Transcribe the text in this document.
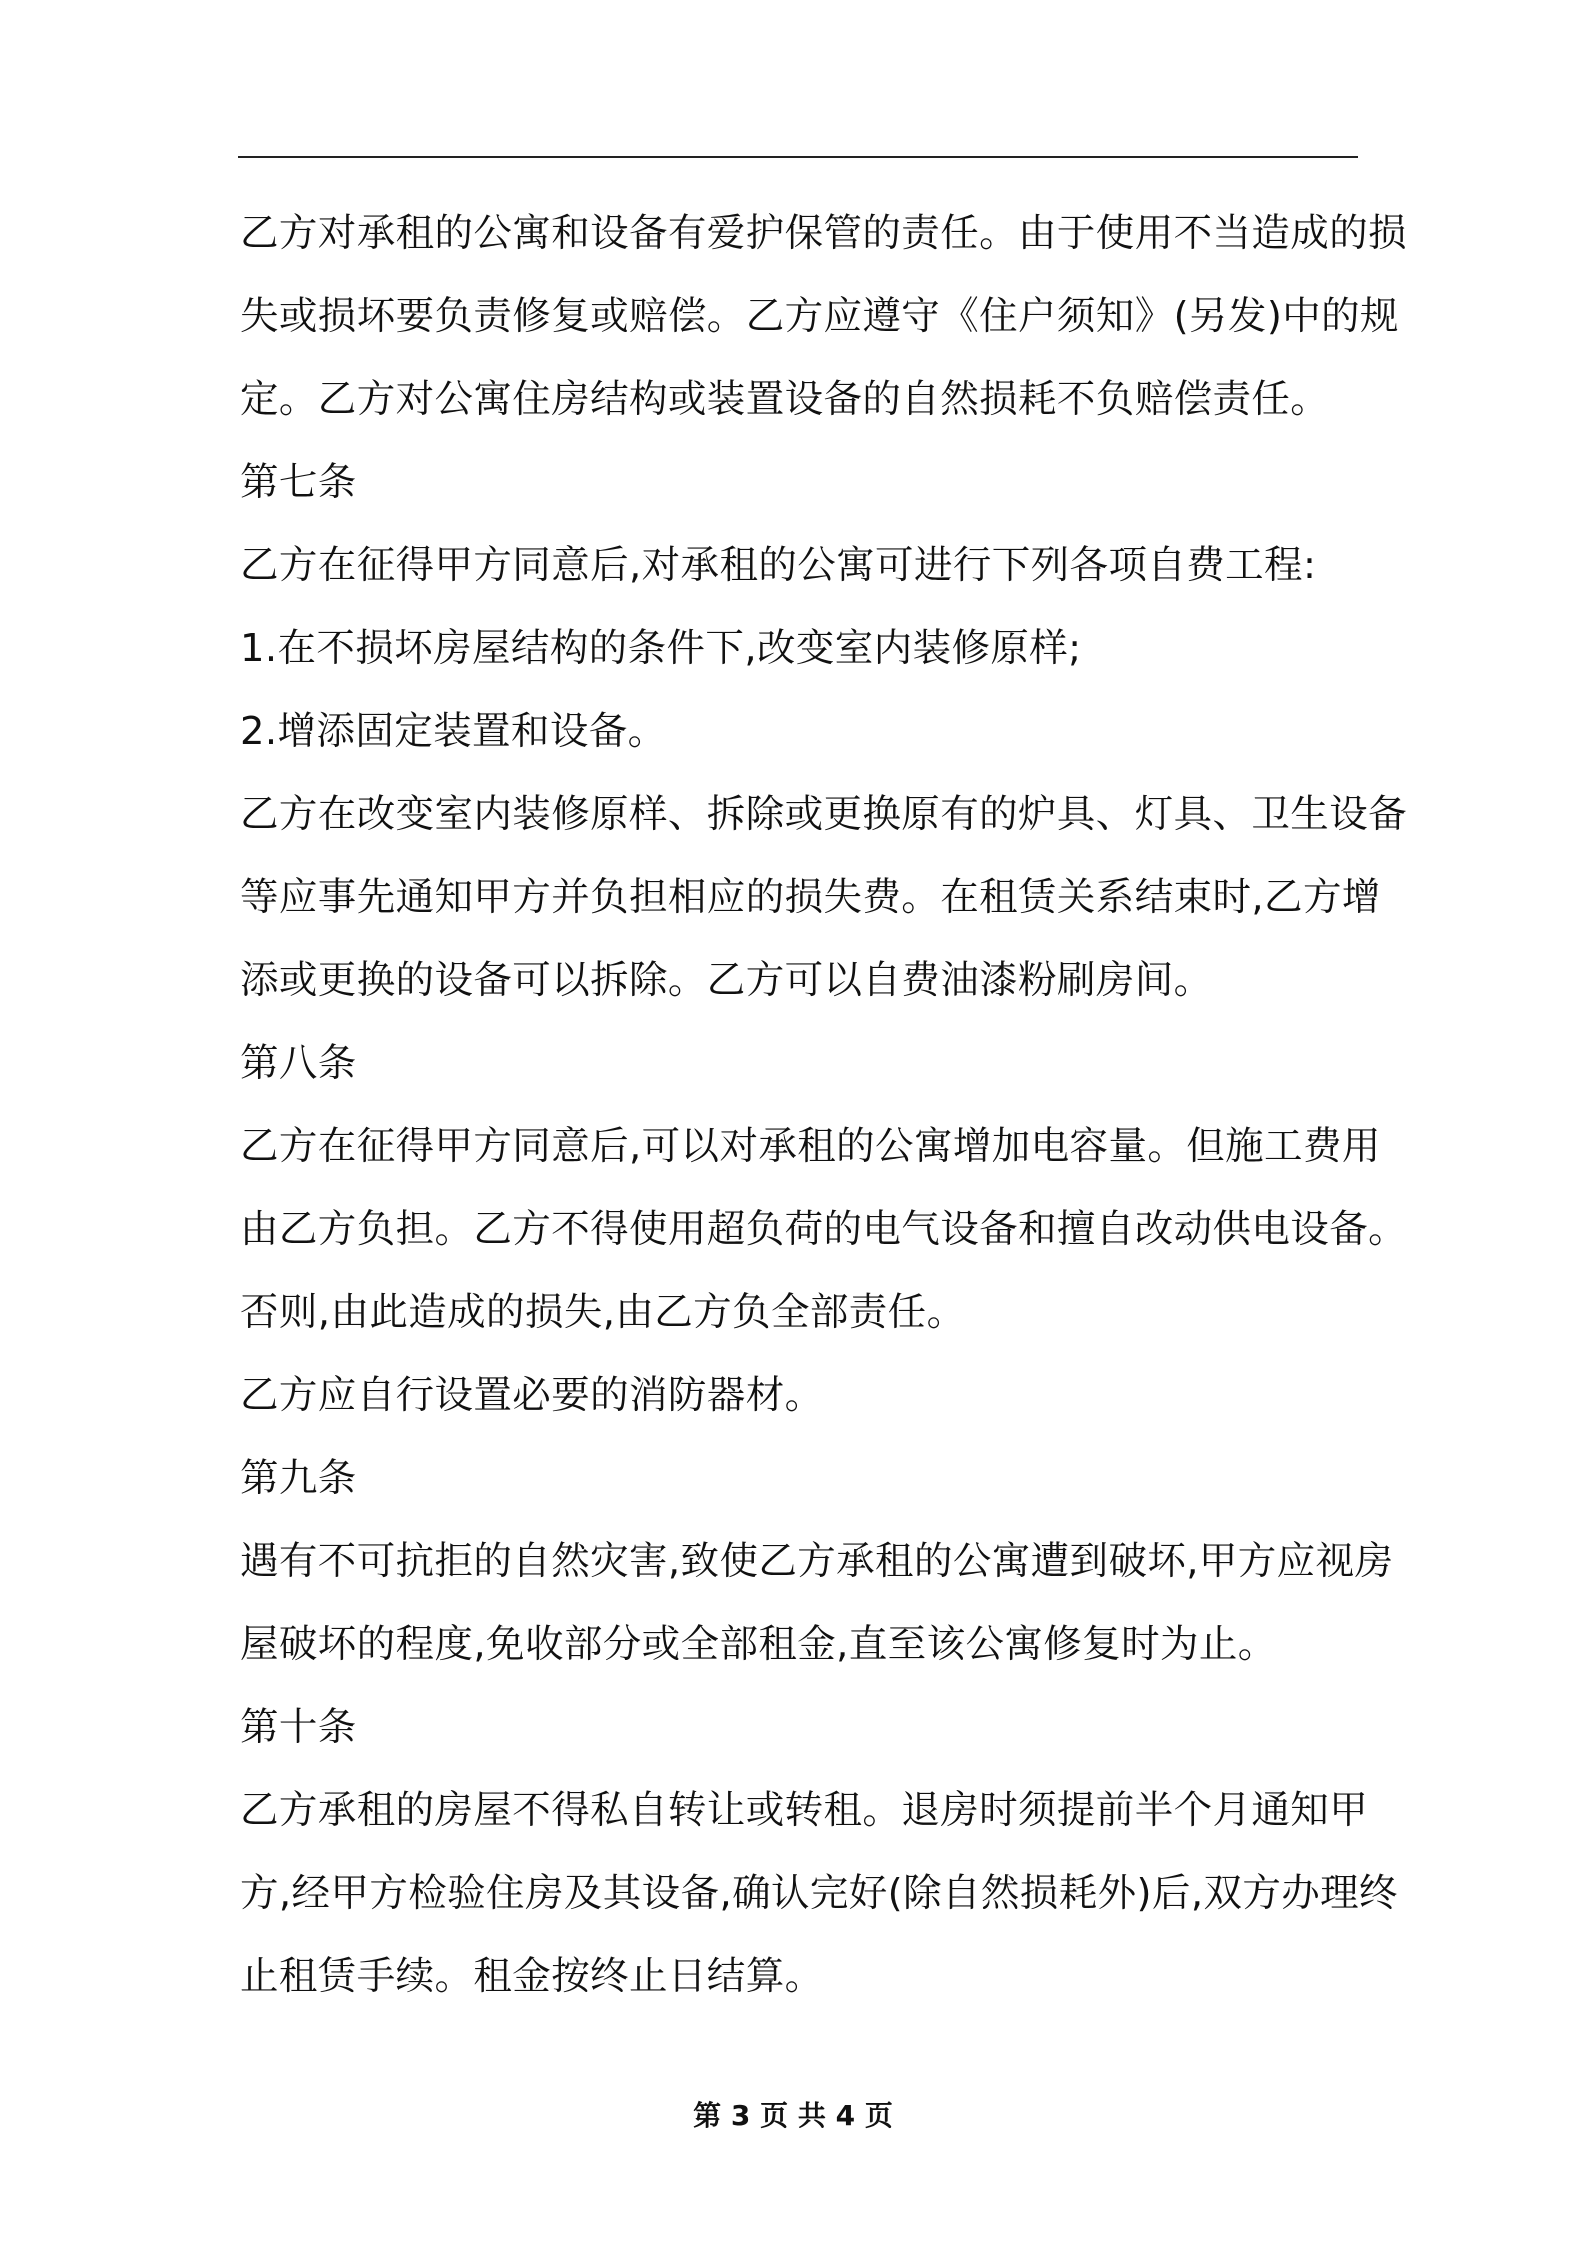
乙方对承租的公寓和设备有爱护保管的责任。由于使用不当造成的损
失或损坏要负责修复或赔偿。乙方应遵守《住户须知》(另发)中的规
定。乙方对公寓住房结构或装置设备的自然损耗不负赔偿责任。
第七条
乙方在征得甲方同意后,对承租的公寓可进行下列各项自费工程:
1.在不损坏房屋结构的条件下,改变室内装修原样;
2.增添固定装置和设备。
乙方在改变室内装修原样、拆除或更换原有的炉具、灯具、卫生设备
等应事先通知甲方并负担相应的损失费。在租赁关系结束时,乙方增
添或更换的设备可以拆除。乙方可以自费油漆粉刷房间。
第八条
乙方在征得甲方同意后,可以对承租的公寓增加电容量。但施工费用
由乙方负担。乙方不得使用超负荷的电气设备和擅自改动供电设备。
否则,由此造成的损失,由乙方负全部责任。
乙方应自行设置必要的消防器材。
第九条
遇有不可抗拒的自然灾害,致使乙方承租的公寓遭到破坏,甲方应视房
屋破坏的程度,免收部分或全部租金,直至该公寓修复时为止。
第十条
乙方承租的房屋不得私自转让或转租。退房时须提前半个月通知甲
方,经甲方检验住房及其设备,确认完好(除自然损耗外)后,双方办理终
止租赁手续。租金按终止日结算。
第 3 页 共 4 页
